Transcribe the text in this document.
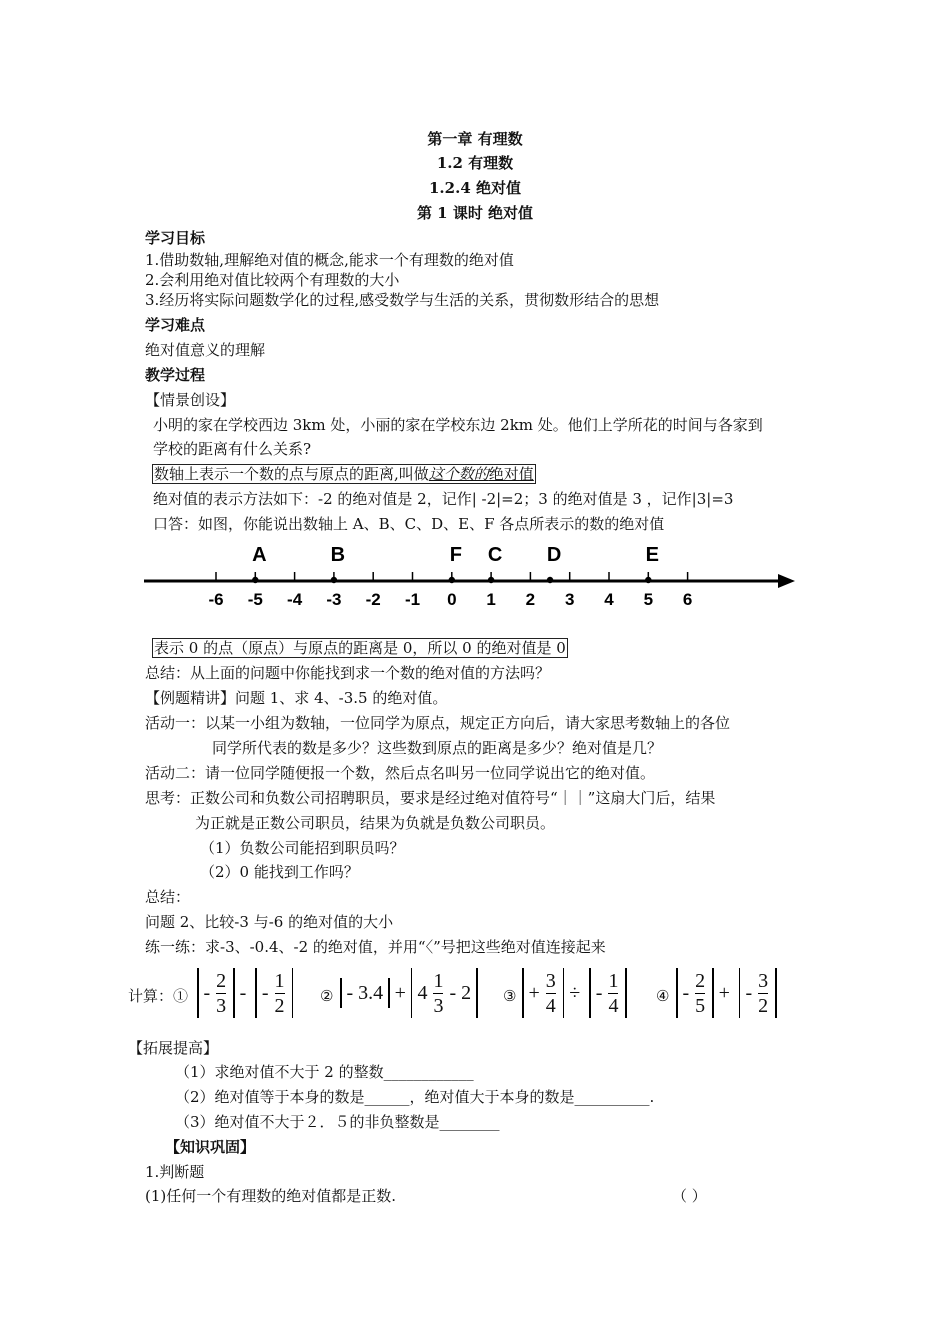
第一章 有理数
1.2 有理数
1.2.4 绝对值
第 1 课时 绝对值
学习目标
1.借助数轴,理解绝对值的概念,能求一个有理数的绝对值
2.会利用绝对值比较两个有理数的大小
3.经历将实际问题数学化的过程,感受数学与生活的关系，贯彻数形结合的思想
学习难点
绝对值意义的理解
教学过程
【情景创设】
小明的家在学校西边 3km 处，小丽的家在学校东边 2km 处。他们上学所花的时间与各家到
学校的距离有什么关系?
数轴上表示一个数的点与原点的距离,叫做这个数的绝对值
绝对值的表示方法如下：-2 的绝对值是 2，记作| -2|=2；3 的绝对值是 3 ，记作|3|=3
口答：如图，你能说出数轴上 A、B、C、D、E、F 各点所表示的数的绝对值
-6 -5 -4 -3 -2 -1 0 1 2 3 4 5 6
A	B	F C D	E
表示 0 的点（原点）与原点的距离是 0，所以 0 的绝对值是 0
总结：从上面的问题中你能找到求一个数的绝对值的方法吗？
【例题精讲】问题 1、求 4、-3.5 的绝对值。
活动一：以某一小组为数轴，一位同学为原点，规定正方向后，请大家思考数轴上的各位
同学所代表的数是多少？这些数到原点的距离是多少？绝对值是几？
活动二：请一位同学随便报一个数，然后点名叫另一位同学说出它的绝对值。
思考：正数公司和负数公司招聘职员，要求是经过绝对值符号“｜｜”这扇大门后，结果
为正就是正数公司职员，结果为负就是负数公司职员。
（1）负数公司能招到职员吗？
（2）0 能找到工作吗？
总结：
问题 2、比较-3 与-6 的绝对值的大小
练一练：求-3、-0.4、-2 的绝对值，并用“〈”号把这些绝对值连接起来
计算：① - $\frac{2}{3}$ - - $\frac{1}{2}$
② - $3.4 + 4 \frac{1}{3} - 2$	③ + $\frac{3}{4}$ ÷ - $\frac{1}{4}$
	④ - $\frac{2}{5}$ + - $\frac{3}{2}$

【拓展提高】
（1）求绝对值不大于 2 的整数____________
（2）绝对值等于本身的数是______，绝对值大于本身的数是__________.
（3）绝对值不大于２．５的非负整数是________
【知识巩固】
1.判断题
(1)任何一个有理数的绝对值都是正数.	（ ）
